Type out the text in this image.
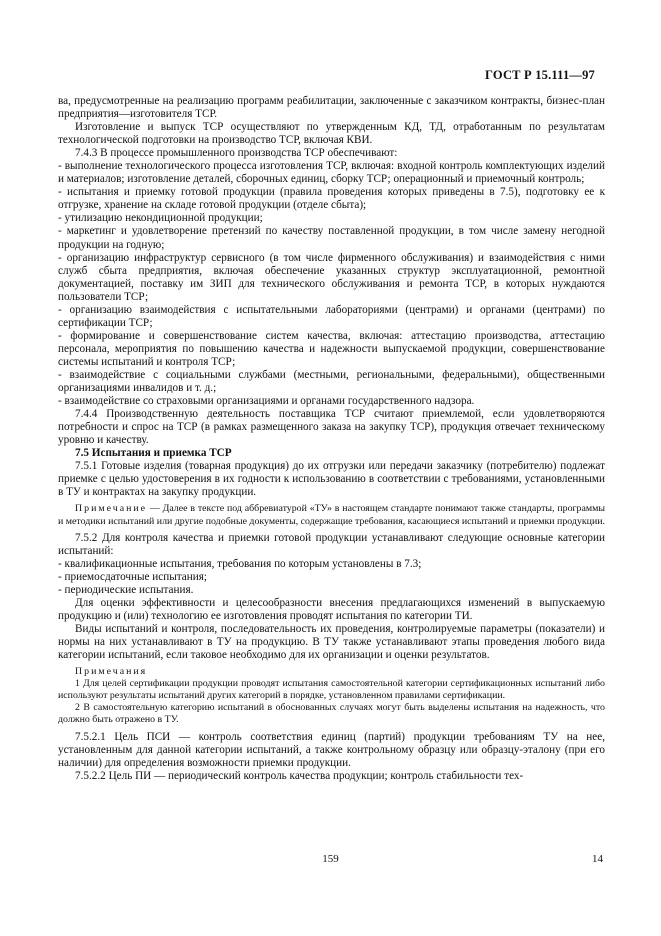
ГОСТ Р 15.111—97

ва, предусмотренные на реализацию программ реабилитации, заключенные с заказчиком контракты, бизнес-план предприятия—изготовителя ТСР.

Изготовление и выпуск ТСР осуществляют по утвержденным КД, ТД, отработанным по результатам технологической подготовки на производство ТСР, включая КВИ.

7.4.3 В процессе промышленного производства ТСР обеспечивают:

- выполнение технологического процесса изготовления ТСР, включая: входной контроль комплектующих изделий и материалов; изготовление деталей, сборочных единиц, сборку ТСР; операционный и приемочный контроль;

- испытания и приемку готовой продукции (правила проведения которых приведены в 7.5), подготовку ее к отгрузке, хранение на складе готовой продукции (отделе сбыта);

- утилизацию некондиционной продукции;

- маркетинг и удовлетворение претензий по качеству поставленной продукции, в том числе замену негодной продукции на годную;

- организацию инфраструктур сервисного (в том числе фирменного обслуживания) и взаимодействия с ними служб сбыта предприятия, включая обеспечение указанных структур эксплуатационной, ремонтной документацией, поставку им ЗИП для технического обслуживания и ремонта ТСР, в которых нуждаются пользователи ТСР;

- организацию взаимодействия с испытательными лабораториями (центрами) и органами (центрами) по сертификации ТСР;

- формирование и совершенствование систем качества, включая: аттестацию производства, аттестацию персонала, мероприятия по повышению качества и надежности выпускаемой продукции, совершенствование системы испытаний и контроля ТСР;

- взаимодействие с социальными службами (местными, региональными, федеральными), общественными организациями инвалидов и т. д.;

- взаимодействие со страховыми организациями и органами государственного надзора.

7.4.4 Производственную деятельность поставщика ТСР считают приемлемой, если удовлетворяются потребности и спрос на ТСР (в рамках размещенного заказа на закупку ТСР), продукция отвечает техническому уровню и качеству.

7.5 Испытания и приемка ТСР

7.5.1 Готовые изделия (товарная продукция) до их отгрузки или передачи заказчику (потребителю) подлежат приемке с целью удостоверения в их годности к использованию в соответствии с требованиями, установленными в ТУ и контрактах на закупку продукции.

Примечание — Далее в тексте под аббревиатурой «ТУ» в настоящем стандарте понимают также стандарты, программы и методики испытаний или другие подобные документы, содержащие требования, касающиеся испытаний и приемки продукции.

7.5.2 Для контроля качества и приемки готовой продукции устанавливают следующие основные категории испытаний:

- квалификационные испытания, требования по которым установлены в 7.3;

- приемосдаточные испытания;

- периодические испытания.

Для оценки эффективности и целесообразности внесения предлагающихся изменений в выпускаемую продукцию и (или) технологию ее изготовления проводят испытания по категории ТИ.

Виды испытаний и контроля, последовательность их проведения, контролируемые параметры (показатели) и нормы на них устанавливают в ТУ на продукцию. В ТУ также устанавливают этапы проведения любого вида категории испытаний, если таковое необходимо для их организации и оценки результатов.

Примечания

1 Для целей сертификации продукции проводят испытания самостоятельной категории сертификационных испытаний либо используют результаты испытаний других категорий в порядке, установленном правилами сертификации.

2 В самостоятельную категорию испытаний в обоснованных случаях могут быть выделены испытания на надежность, что должно быть отражено в ТУ.

7.5.2.1 Цель ПСИ — контроль соответствия единиц (партий) продукции требованиям ТУ на нее, установленным для данной категории испытаний, а также контрольному образцу или образцу-эталону (при его наличии) для определения возможности приемки продукции.

7.5.2.2 Цель ПИ — периодический контроль качества продукции; контроль стабильности тех-

159	14
